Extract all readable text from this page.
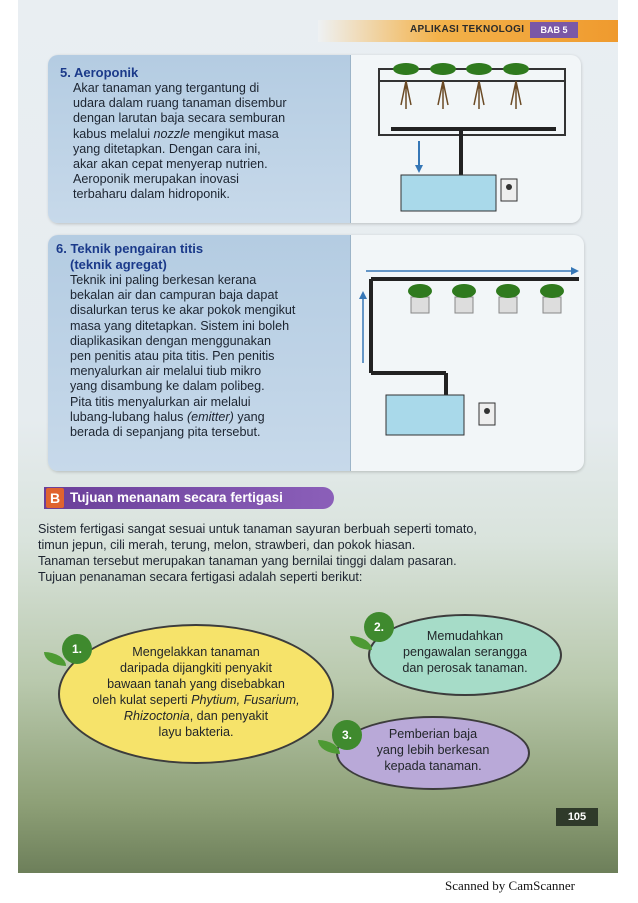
APLIKASI TEKNOLOGI	BAB 5
5. Aeroponik
Akar tanaman yang tergantung di
udara dalam ruang tanaman disembur
dengan larutan baja secara semburan
kabus melalui nozzle mengikut masa
yang ditetapkan. Dengan cara ini,
akar akan cepat menyerap nutrien.
Aeroponik merupakan inovasi
terbaharu dalam hidroponik.
6. Teknik pengairan titis
(teknik agregat)
Teknik ini paling berkesan kerana
bekalan air dan campuran baja dapat
disalurkan terus ke akar pokok mengikut
masa yang ditetapkan. Sistem ini boleh
diaplikasikan dengan menggunakan
pen penitis atau pita titis. Pen penitis
menyalurkan air melalui tiub mikro
yang disambung ke dalam polibeg.
Pita titis menyalurkan air melalui
lubang-lubang halus (emitter) yang
berada di sepanjang pita tersebut.
B Tujuan menanam secara fertigasi
Sistem fertigasi sangat sesuai untuk tanaman sayuran berbuah seperti tomato,
timun jepun, cili merah, terung, melon, strawberi, dan pokok hiasan.
Tanaman tersebut merupakan tanaman yang bernilai tinggi dalam pasaran.
Tujuan penanaman secara fertigasi adalah seperti berikut:
Mengelakkan tanaman
daripada dijangkiti penyakit
bawaan tanah yang disebabkan
oleh kulat seperti Phytium, Fusarium,
Rhizoctonia, dan penyakit
layu bakteria.
1.
Memudahkan
pengawalan serangga
dan perosak tanaman.
2.
Pemberian baja
yang lebih berkesan
kepada tanaman.
3.
105
Scanned by CamScanner
